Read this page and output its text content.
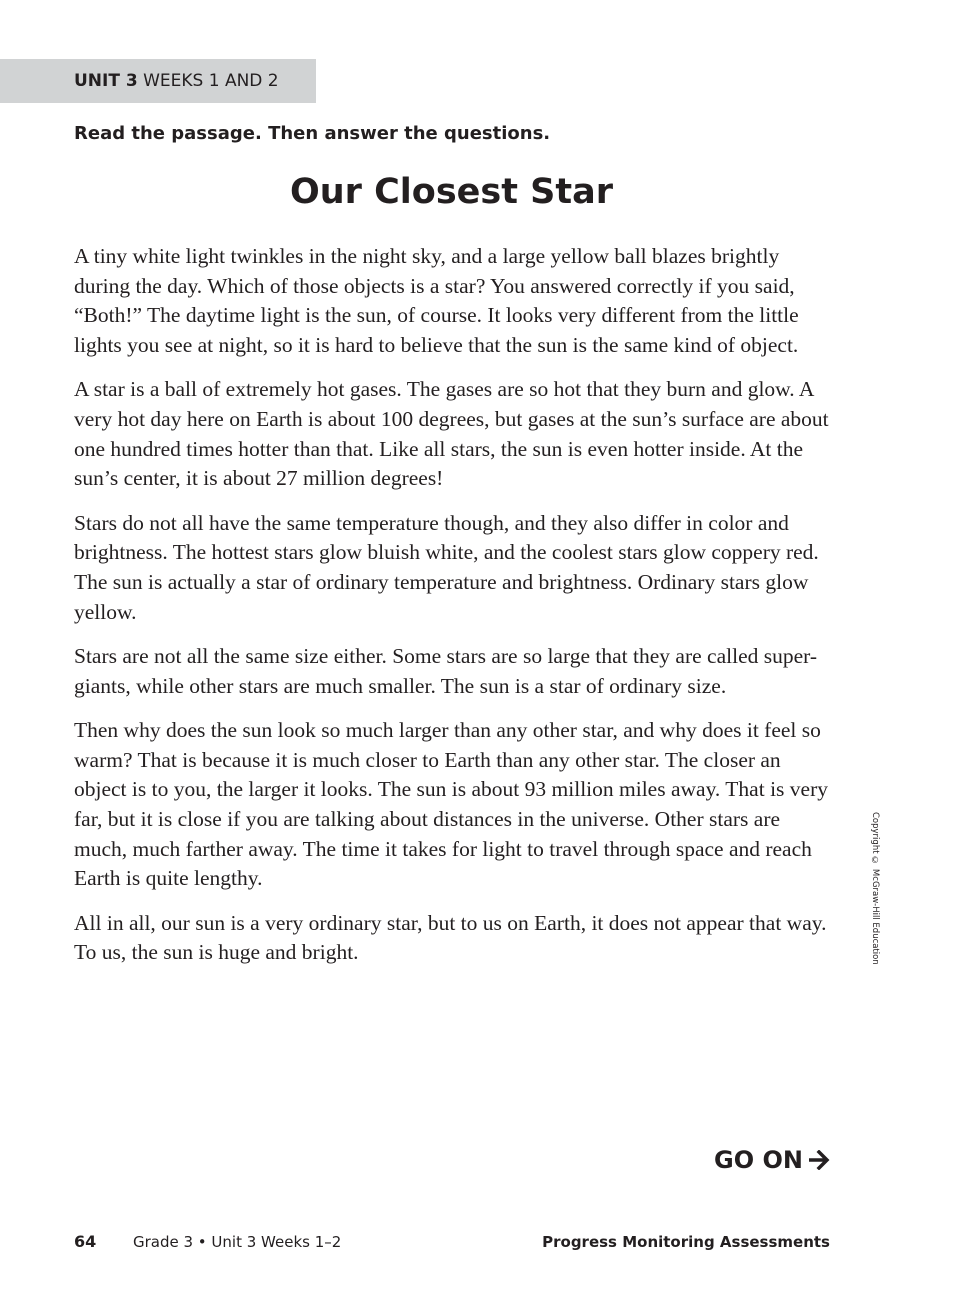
UNIT 3 WEEKS 1 AND 2
Read the passage. Then answer the questions.
Our Closest Star

A tiny white light twinkles in the night sky, and a large yellow ball blazes brightly during the day. Which of those objects is a star? You answered correctly if you said, “Both!” The daytime light is the sun, of course. It looks very different from the little lights you see at night, so it is hard to believe that the sun is the same kind of object.

A star is a ball of extremely hot gases. The gases are so hot that they burn and glow. A very hot day here on Earth is about 100 degrees, but gases at the sun’s surface are about one hundred times hotter than that. Like all stars, the sun is even hotter inside. At the sun’s center, it is about 27 million degrees!

Stars do not all have the same temperature though, and they also differ in color and brightness. The hottest stars glow bluish white, and the coolest stars glow coppery red. The sun is actually a star of ordinary temperature and brightness. Ordinary stars glow yellow.

Stars are not all the same size either. Some stars are so large that they are called super-giants, while other stars are much smaller. The sun is a star of ordinary size.

Then why does the sun look so much larger than any other star, and why does it feel so warm? That is because it is much closer to Earth than any other star. The closer an object is to you, the larger it looks. The sun is about 93 million miles away. That is very far, but it is close if you are talking about distances in the universe. Other stars are much, much farther away. The time it takes for light to travel through space and reach Earth is quite lengthy.

All in all, our sun is a very ordinary star, but to us on Earth, it does not appear that way. To us, the sun is huge and bright.	Copyright © McGraw-Hill Education
GO ON
64 Grade 3 • Unit 3 Weeks 1–2	Progress Monitoring Assessments
